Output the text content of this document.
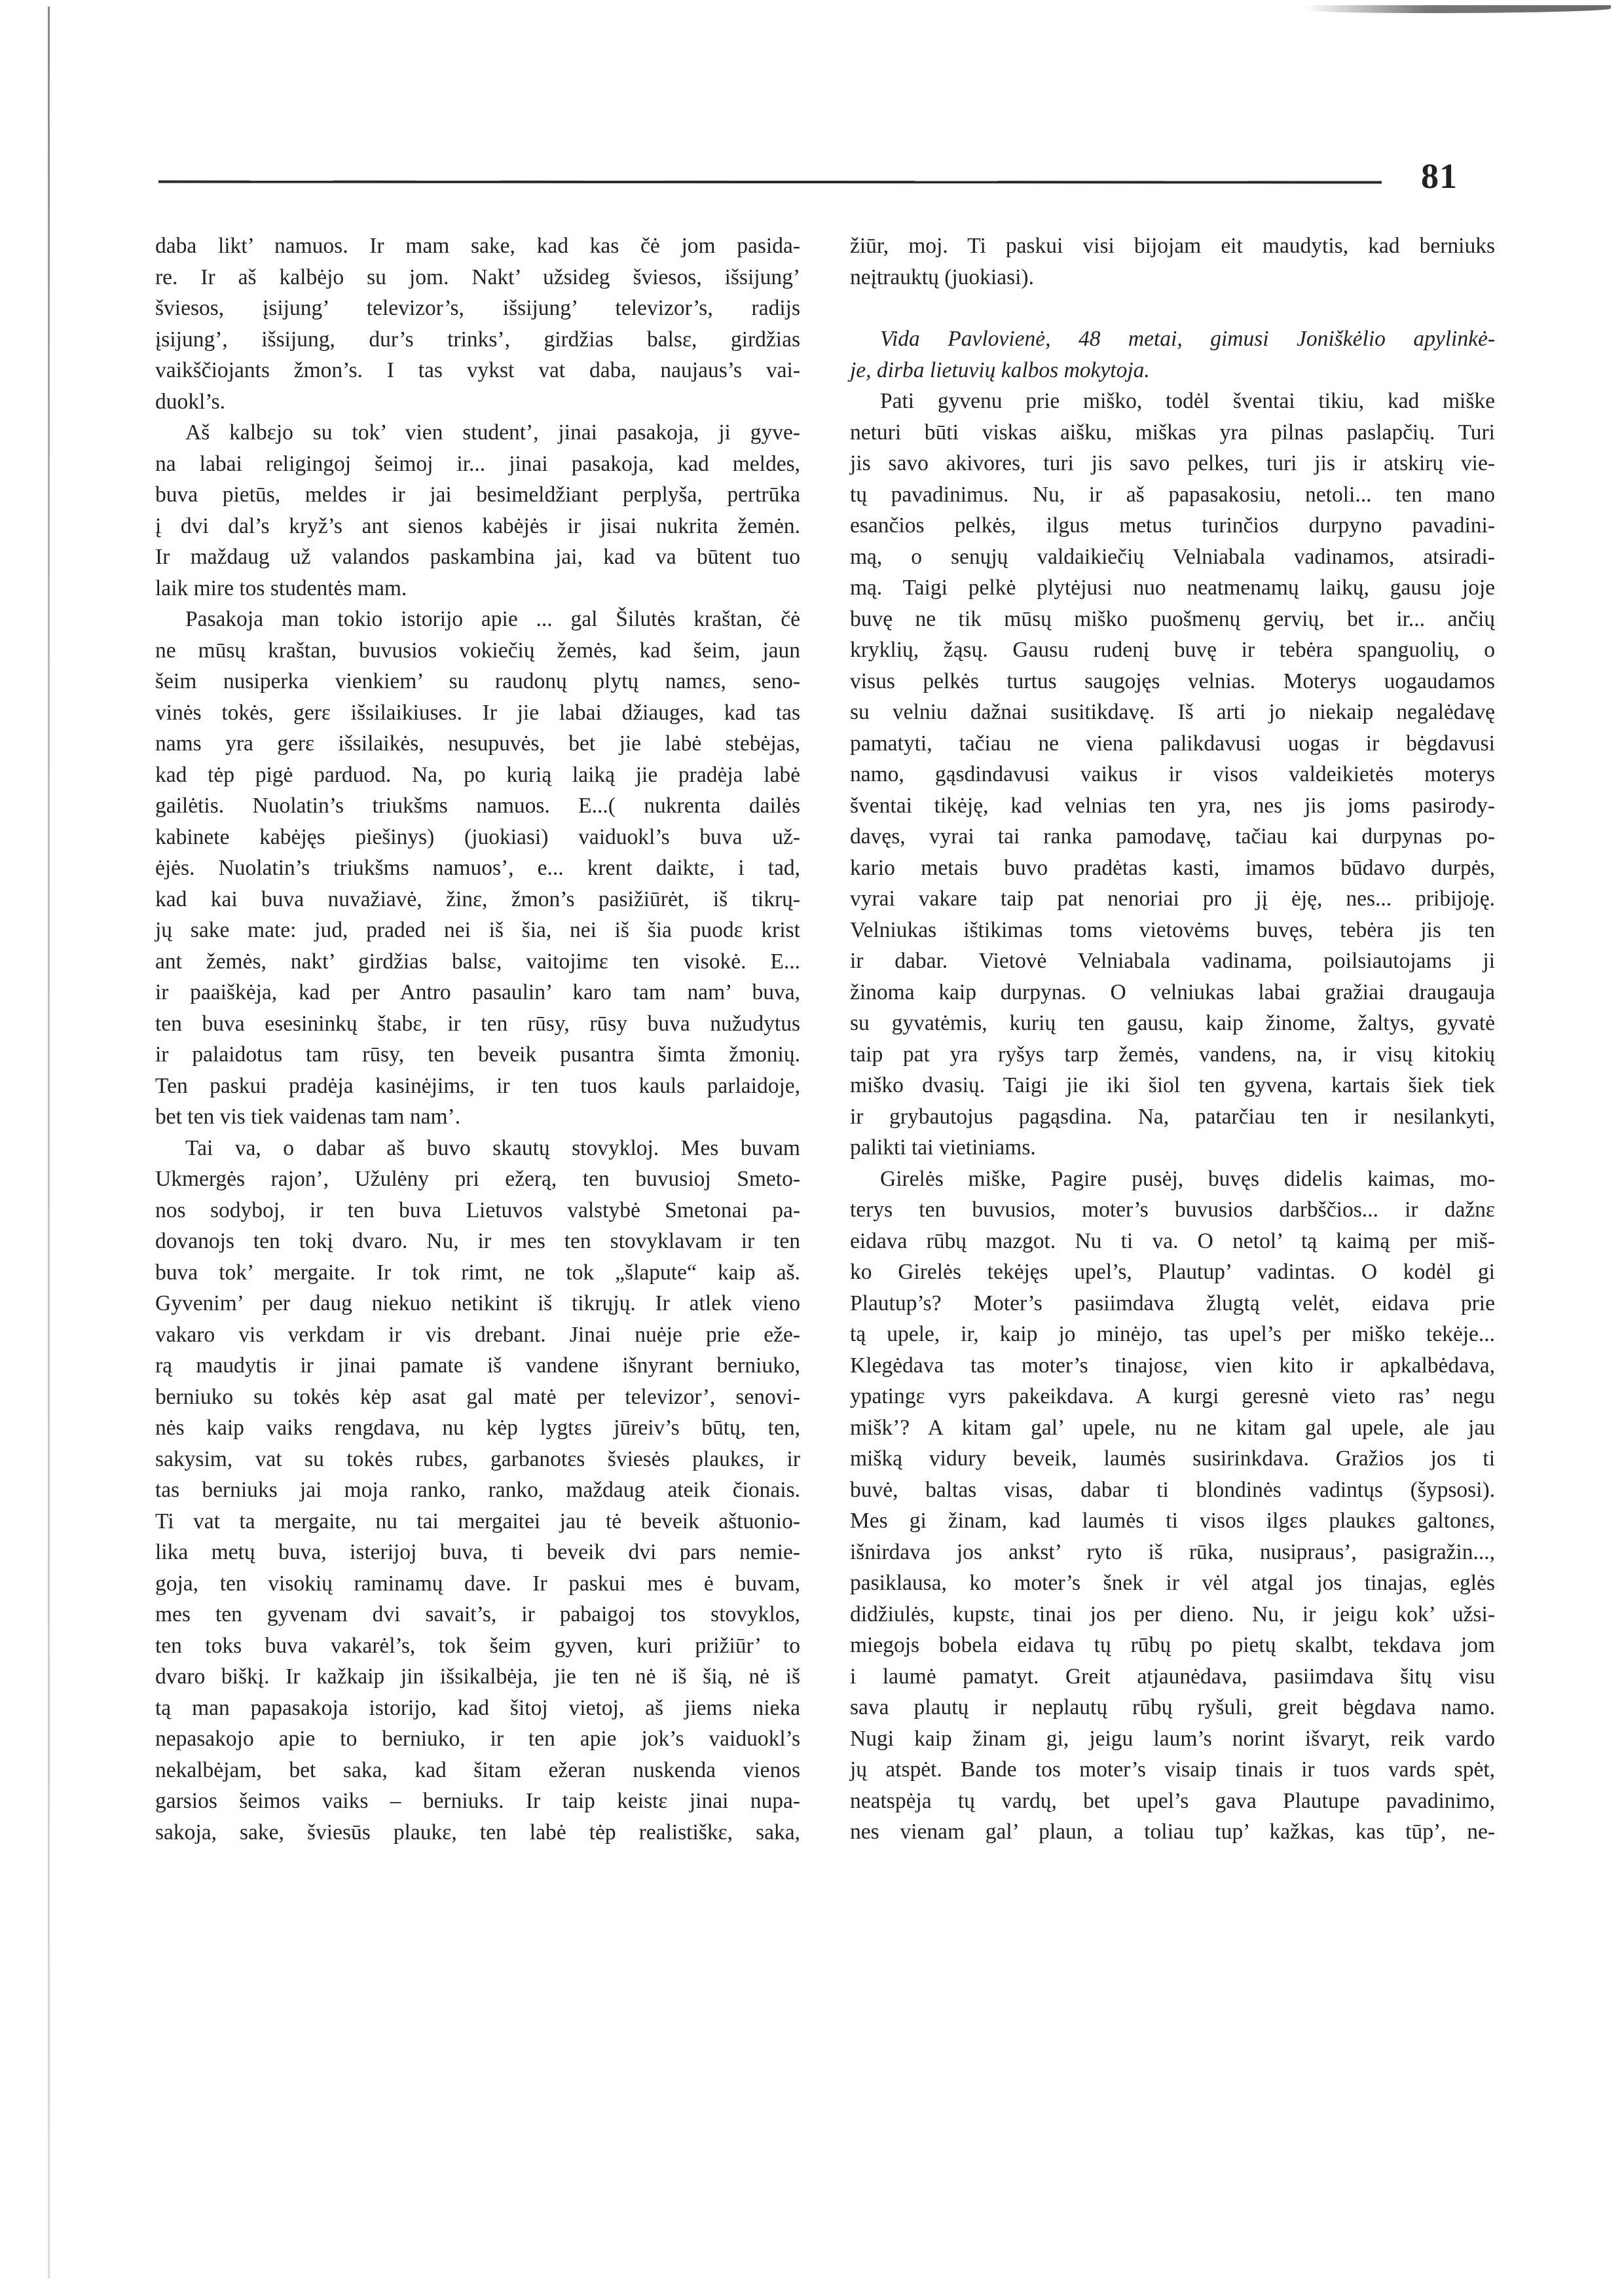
81
daba likt’ namuos. Ir mam sake, kad kas čė jom pasida-
re. Ir aš kalbėjo su jom. Nakt’ užsideg šviesos, išsijung’
šviesos, įsijung’ televizor’s, išsijung’ televizor’s, radijs
įsijung’, išsijung, dur’s trinks’, girdžias balsɛ, girdžias
vaikščiojants žmon’s. I tas vykst vat daba, naujaus’s vai-
duokl’s.
Aš kalbɛjo su tok’ vien student’, jinai pasakoja, ji gyve-
na labai religingoj šeimoj ir... jinai pasakoja, kad meldes,
buva pietūs, meldes ir jai besimeldžiant perplyša, pertrūka
į dvi dal’s kryž’s ant sienos kabėjės ir jisai nukrita žemėn.
Ir maždaug už valandos paskambina jai, kad va būtent tuo
laik mire tos studentės mam.
Pasakoja man tokio istorijo apie ... gal Šilutės kraštan, čė
ne mūsų kraštan, buvusios vokiečių žemės, kad šeim, jaun
šeim nusiperka vienkiem’ su raudonų plytų namɛs, seno-
vinės tokės, gerɛ išsilaikiuses. Ir jie labai džiauges, kad tas
nams yra gerɛ išsilaikės, nesupuvės, bet jie labė stebėjas,
kad tėp pigė parduod. Na, po kurią laiką jie pradėja labė
gailėtis. Nuolatin’s triukšms namuos. E...( nukrenta dailės
kabinete kabėjęs piešinys) (juokiasi) vaiduokl’s buva už-
ėjės. Nuolatin’s triukšms namuos’, e... krent daiktɛ, i tad,
kad kai buva nuvažiavė, žinɛ, žmon’s pasižiūrėt, iš tikrų-
jų sake mate: jud, praded nei iš šia, nei iš šia puodɛ krist
ant žemės, nakt’ girdžias balsɛ, vaitojimɛ ten visokė. E...
ir paaiškėja, kad per Antro pasaulin’ karo tam nam’ buva,
ten buva esesininkų štabɛ, ir ten rūsy, rūsy buva nužudytus
ir palaidotus tam rūsy, ten beveik pusantra šimta žmonių.
Ten paskui pradėja kasinėjims, ir ten tuos kauls parlaidoje,
bet ten vis tiek vaidenas tam nam’.
Tai va, o dabar aš buvo skautų stovykloj. Mes buvam
Ukmergės rajon’, Užulėny pri ežerą, ten buvusioj Smeto-
nos sodyboj, ir ten buva Lietuvos valstybė Smetonai pa-
dovanojs ten tokį dvaro. Nu, ir mes ten stovyklavam ir ten
buva tok’ mergaite. Ir tok rimt, ne tok „šlapute“ kaip aš.
Gyvenim’ per daug niekuo netikint iš tikrųjų. Ir atlek vieno
vakaro vis verkdam ir vis drebant. Jinai nuėje prie eže-
rą maudytis ir jinai pamate iš vandene išnyrant berniuko,
berniuko su tokės kėp asat gal matė per televizor’, senovi-
nės kaip vaiks rengdava, nu kėp lygtɛs jūreiv’s būtų, ten,
sakysim, vat su tokės rubɛs, garbanotɛs šviesės plaukɛs, ir
tas berniuks jai moja ranko, ranko, maždaug ateik čionais.
Ti vat ta mergaite, nu tai mergaitei jau tė beveik aštuonio-
lika metų buva, isterijoj buva, ti beveik dvi pars nemie-
goja, ten visokių raminamų dave. Ir paskui mes ė buvam,
mes ten gyvenam dvi savait’s, ir pabaigoj tos stovyklos,
ten toks buva vakarėl’s, tok šeim gyven, kuri prižiūr’ to
dvaro biškį. Ir kažkaip jin išsikalbėja, jie ten nė iš šią, nė iš
tą man papasakoja istorijo, kad šitoj vietoj, aš jiems nieka
nepasakojo apie to berniuko, ir ten apie jok’s vaiduokl’s
nekalbėjam, bet saka, kad šitam ežeran nuskenda vienos
garsios šeimos vaiks – berniuks. Ir taip keistɛ jinai nupa-
sakoja, sake, šviesūs plaukɛ, ten labė tėp realistiškɛ, saka,
žiūr, moj. Ti paskui visi bijojam eit maudytis, kad berniuks
neįtrauktų (juokiasi).
Vida Pavlovienė, 48 metai, gimusi Joniškėlio apylinkė-
je, dirba lietuvių kalbos mokytoja.
Pati gyvenu prie miško, todėl šventai tikiu, kad miške
neturi būti viskas aišku, miškas yra pilnas paslapčių. Turi
jis savo akivores, turi jis savo pelkes, turi jis ir atskirų vie-
tų pavadinimus. Nu, ir aš papasakosiu, netoli... ten mano
esančios pelkės, ilgus metus turinčios durpyno pavadini-
mą, o senųjų valdaikiečių Velniabala vadinamos, atsiradi-
mą. Taigi pelkė plytėjusi nuo neatmenamų laikų, gausu joje
buvę ne tik mūsų miško puošmenų gervių, bet ir... ančių
kryklių, žąsų. Gausu rudenį buvę ir tebėra spanguolių, o
visus pelkės turtus saugojęs velnias. Moterys uogaudamos
su velniu dažnai susitikdavę. Iš arti jo niekaip negalėdavę
pamatyti, tačiau ne viena palikdavusi uogas ir bėgdavusi
namo, gąsdindavusi vaikus ir visos valdeikietės moterys
šventai tikėję, kad velnias ten yra, nes jis joms pasirody-
davęs, vyrai tai ranka pamodavę, tačiau kai durpynas po-
kario metais buvo pradėtas kasti, imamos būdavo durpės,
vyrai vakare taip pat nenoriai pro jį ėję, nes... pribijoję.
Velniukas ištikimas toms vietovėms buvęs, tebėra jis ten
ir dabar. Vietovė Velniabala vadinama, poilsiautojams ji
žinoma kaip durpynas. O velniukas labai gražiai draugauja
su gyvatėmis, kurių ten gausu, kaip žinome, žaltys, gyvatė
taip pat yra ryšys tarp žemės, vandens, na, ir visų kitokių
miško dvasių. Taigi jie iki šiol ten gyvena, kartais šiek tiek
ir grybautojus pagąsdina. Na, patarčiau ten ir nesilankyti,
palikti tai vietiniams.
Girelės miške, Pagire pusėj, buvęs didelis kaimas, mo-
terys ten buvusios, moter’s buvusios darbščios... ir dažnɛ
eidava rūbų mazgot. Nu ti va. O netol’ tą kaimą per miš-
ko Girelės tekėjęs upel’s, Plautup’ vadintas. O kodėl gi
Plautup’s? Moter’s pasiimdava žlugtą velėt, eidava prie
tą upele, ir, kaip jo minėjo, tas upel’s per miško tekėje...
Klegėdava tas moter’s tinajosɛ, vien kito ir apkalbėdava,
ypatingɛ vyrs pakeikdava. A kurgi geresnė vieto ras’ negu
mišk’? A kitam gal’ upele, nu ne kitam gal upele, ale jau
mišką vidury beveik, laumės susirinkdava. Gražios jos ti
buvė, baltas visas, dabar ti blondinės vadintųs (šypsosi).
Mes gi žinam, kad laumės ti visos ilgɛs plaukɛs galtonɛs,
išnirdava jos ankst’ ryto iš rūka, nusipraus’, pasigražin...,
pasiklausa, ko moter’s šnek ir vėl atgal jos tinajas, eglės
didžiulės, kupstɛ, tinai jos per dieno. Nu, ir jeigu kok’ užsi-
miegojs bobela eidava tų rūbų po pietų skalbt, tekdava jom
i laumė pamatyt. Greit atjaunėdava, pasiimdava šitų visu
sava plautų ir neplautų rūbų ryšuli, greit bėgdava namo.
Nugi kaip žinam gi, jeigu laum’s norint išvaryt, reik vardo
jų atspėt. Bande tos moter’s visaip tinais ir tuos vards spėt,
neatspėja tų vardų, bet upel’s gava Plautupe pavadinimo,
nes vienam gal’ plaun, a toliau tup’ kažkas, kas tūp’, ne-
